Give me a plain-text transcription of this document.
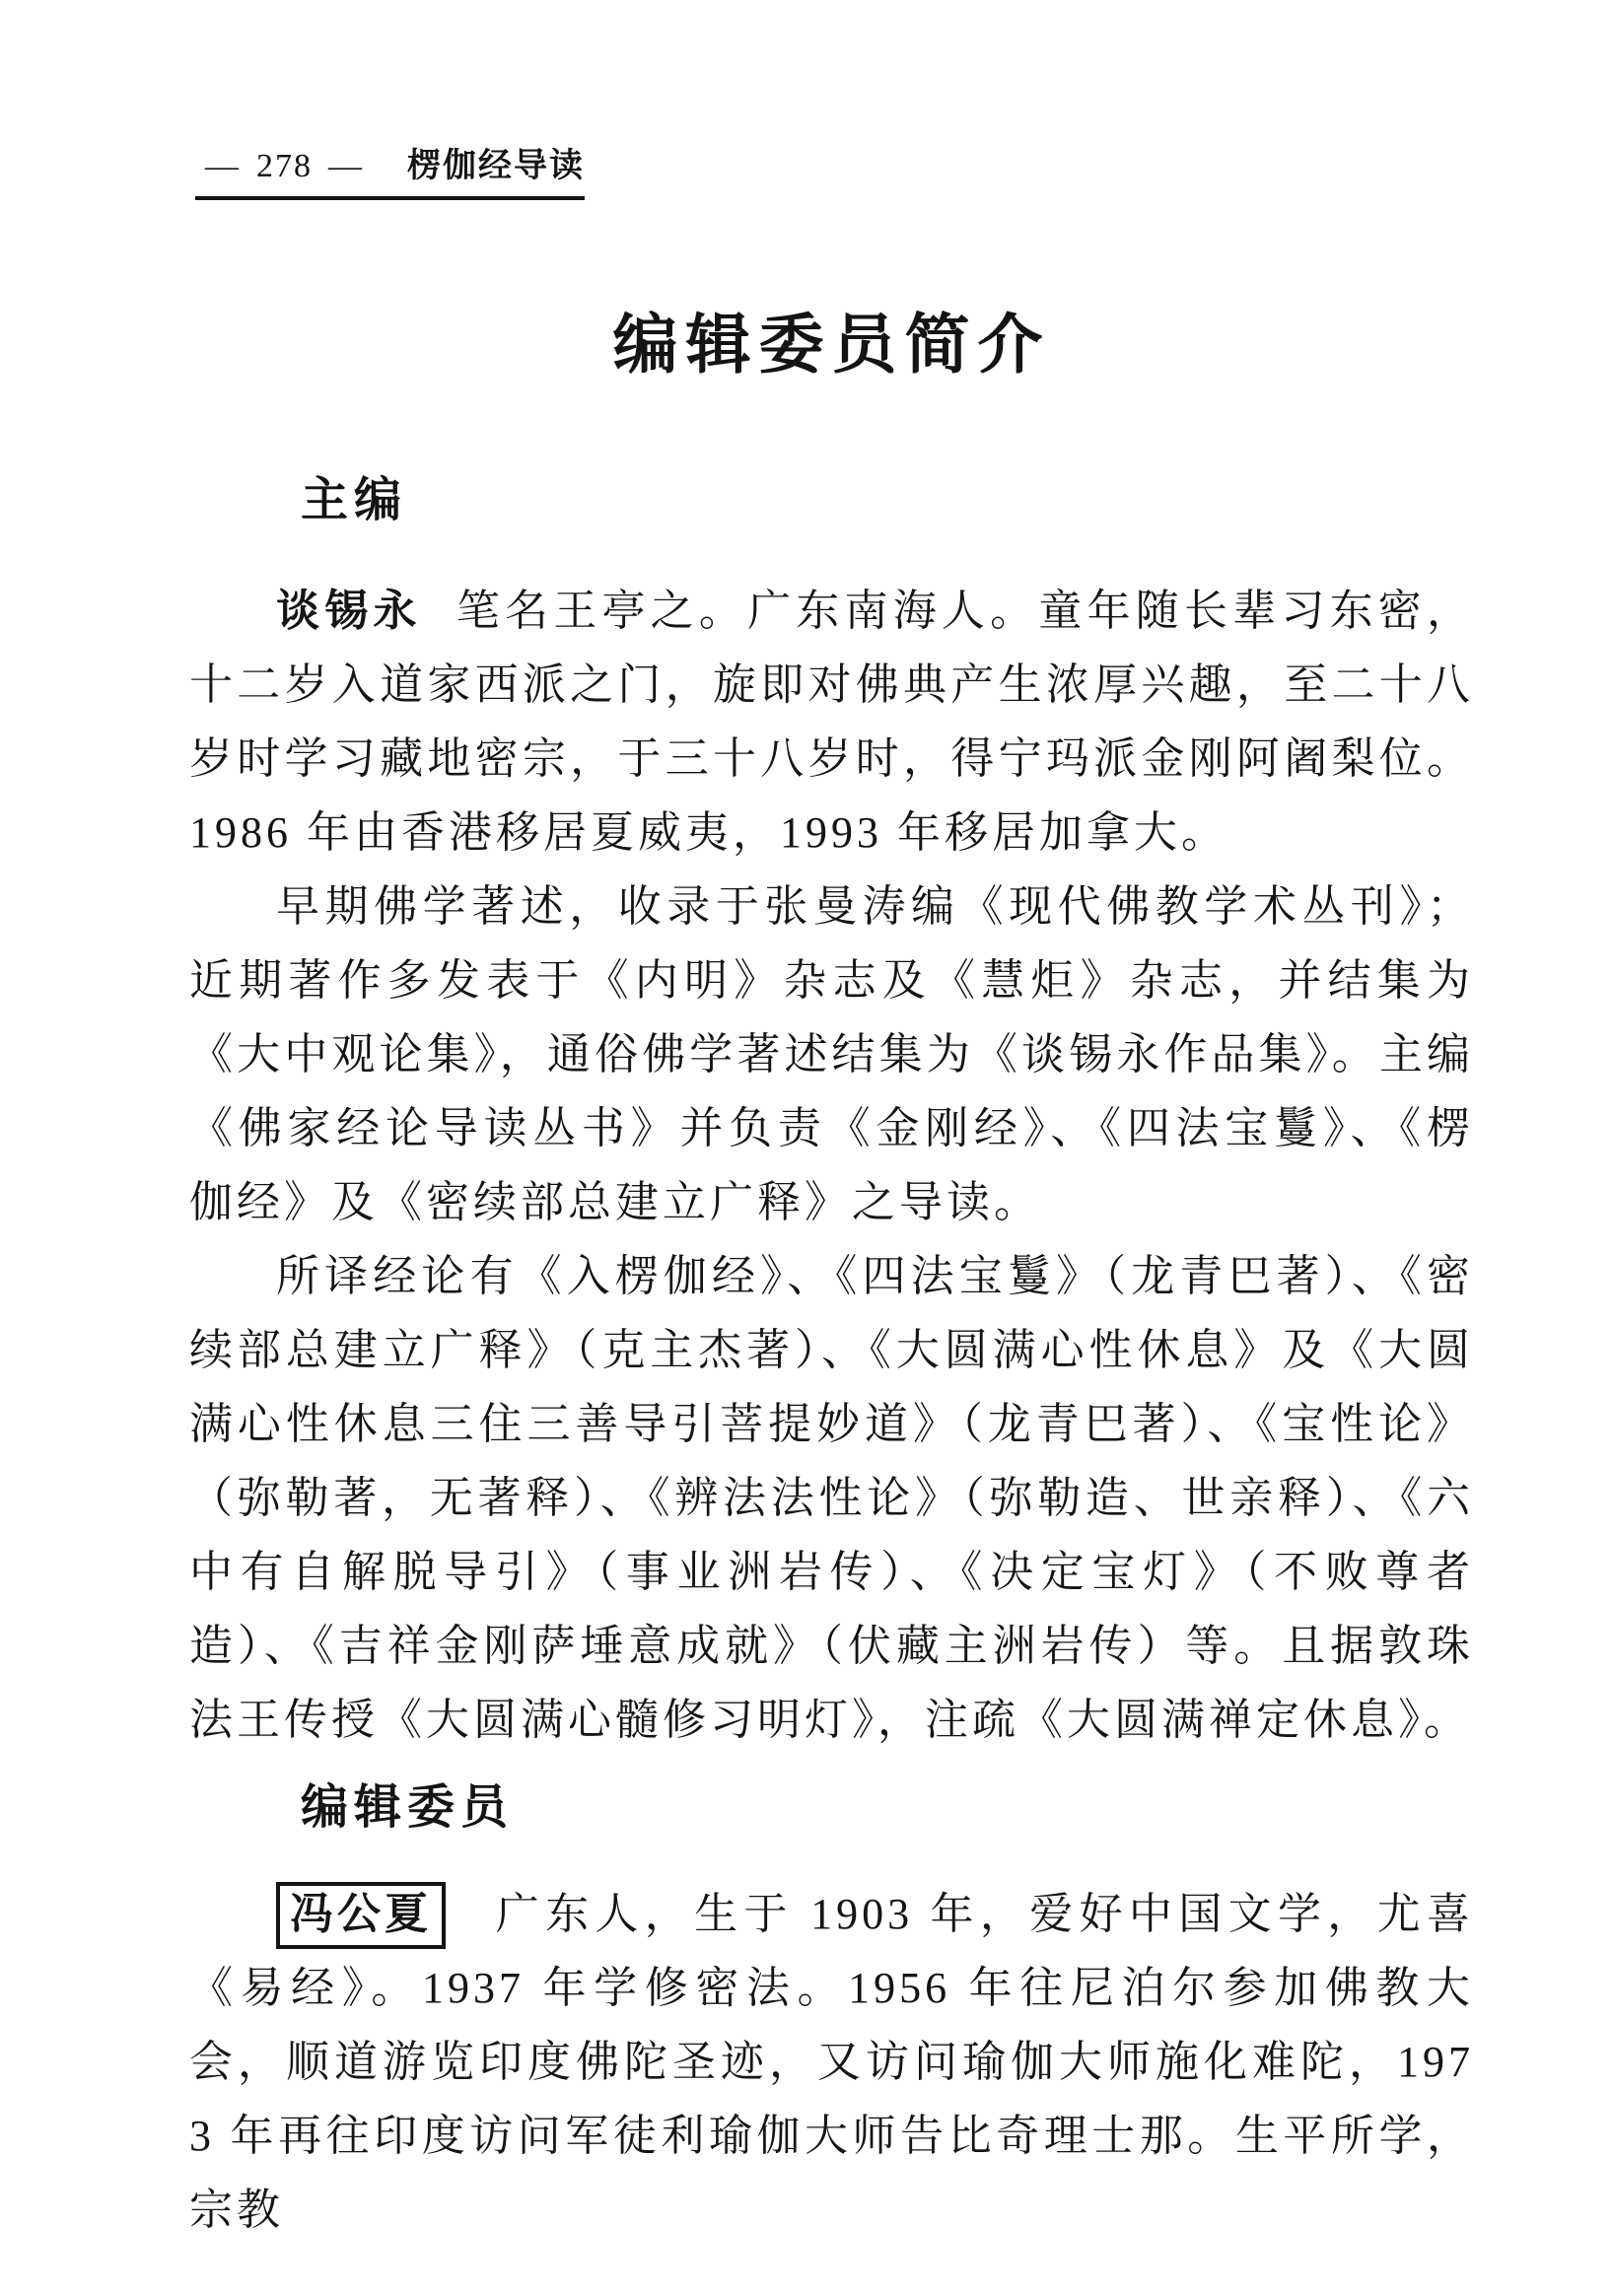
— 278 — 楞伽经导读
编辑委员简介
主编

谈锡永 笔名王亭之。广东南海人。童年随长辈习东密，十二岁入道家西派之门，旋即对佛典产生浓厚兴趣，至二十八岁时学习藏地密宗，于三十八岁时，得宁玛派金刚阿阇梨位。1986 年由香港移居夏威夷，1993 年移居加拿大。

早期佛学著述，收录于张曼涛编《现代佛教学术丛刊》；近期著作多发表于《内明》杂志及《慧炬》杂志，并结集为《大中观论集》，通俗佛学著述结集为《谈锡永作品集》。主编《佛家经论导读丛书》并负责《金刚经》、《四法宝鬘》、《楞伽经》及《密续部总建立广释》之导读。

所译经论有《入楞伽经》、《四法宝鬘》（龙青巴著）、《密续部总建立广释》（克主杰著）、《大圆满心性休息》及《大圆满心性休息三住三善导引菩提妙道》（龙青巴著）、《宝性论》（弥勒著，无著释）、《辨法法性论》（弥勒造、世亲释）、《六中有自解脱导引》（事业洲岩传）、《决定宝灯》（不败尊者造）、《吉祥金刚萨埵意成就》（伏藏主洲岩传）等。且据敦珠法王传授《大圆满心髓修习明灯》，注疏《大圆满禅定休息》。

编辑委员

冯公夏 广东人，生于 1903 年，爱好中国文学，尤喜《易经》。1937 年学修密法。1956 年往尼泊尔参加佛教大会，顺道游览印度佛陀圣迹，又访问瑜伽大师施化难陀，1973 年再往印度访问军徒利瑜伽大师告比奇理士那。生平所学，宗教
